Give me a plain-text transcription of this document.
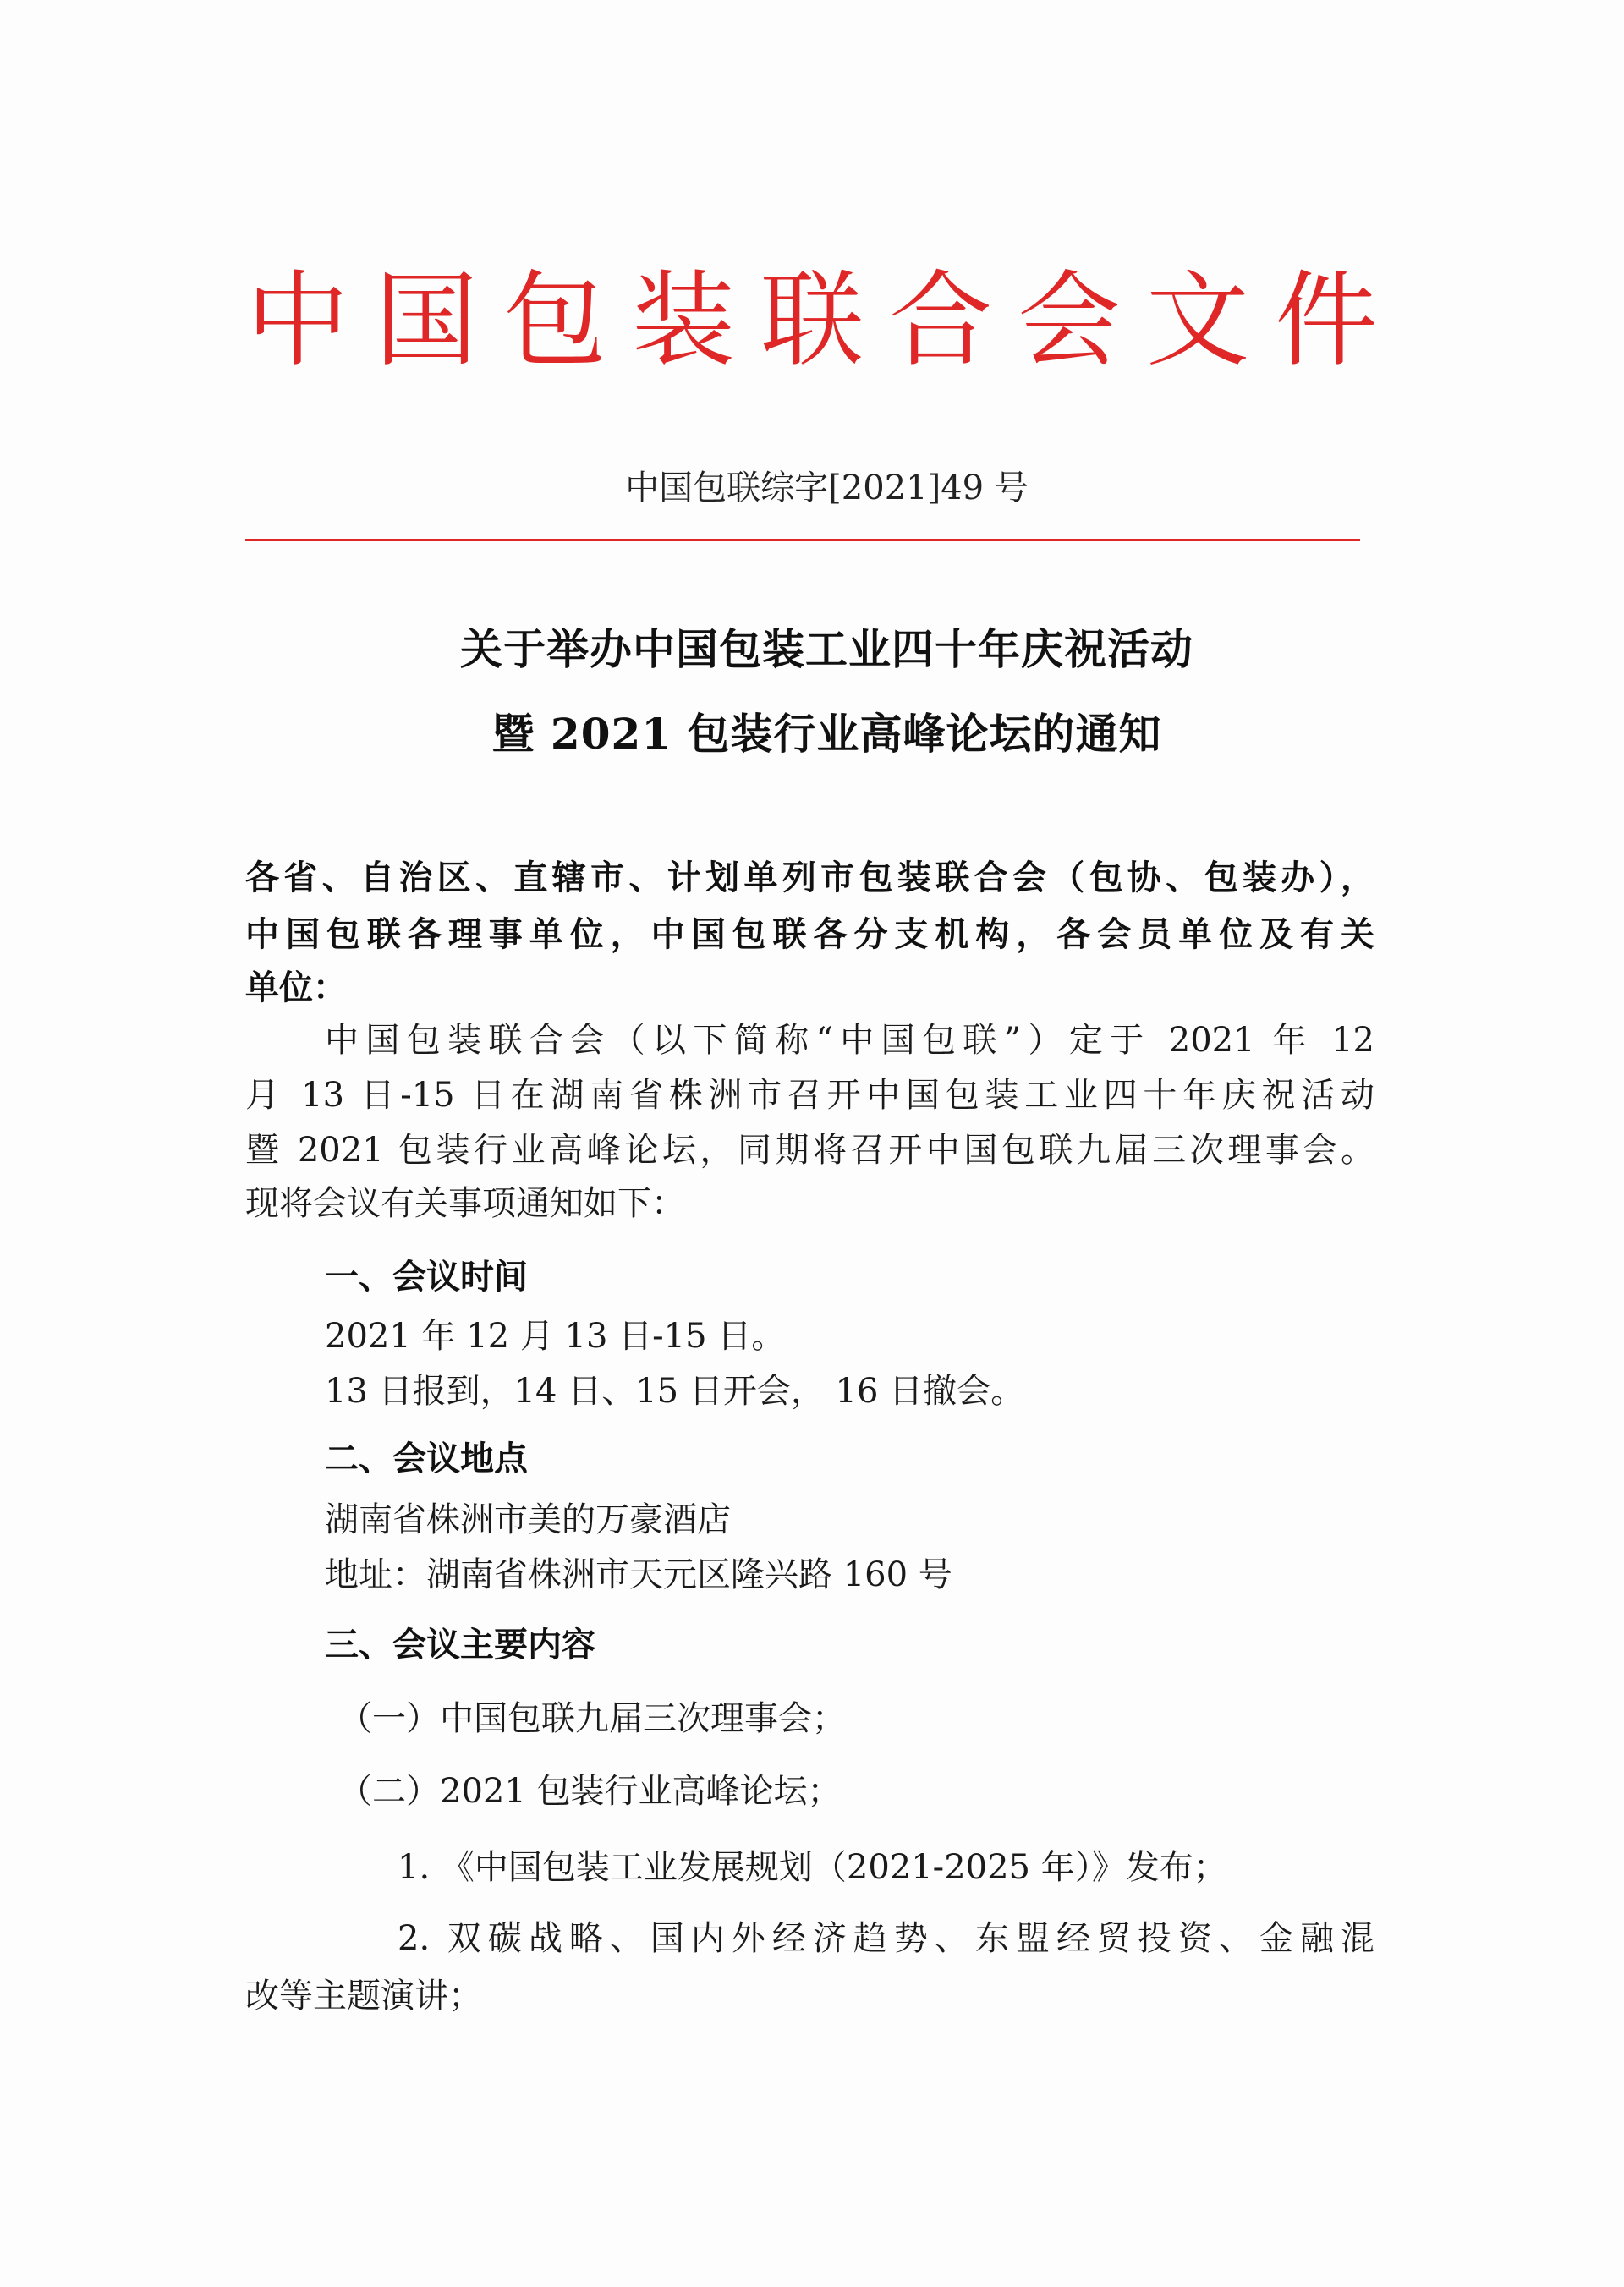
中国包装联合会文件
中国包联综字[2021]49 号
关于举办中国包装工业四十年庆祝活动
暨 2021 包装行业高峰论坛的通知
各省、自治区、直辖市、计划单列市包装联合会（包协、包装办），
中国包联各理事单位，中国包联各分支机构，各会员单位及有关
单位：
中国包装联合会（以下简称“中国包联”）定于 2021 年 12
月 13 日-15 日在湖南省株洲市召开中国包装工业四十年庆祝活动
暨 2021 包装行业高峰论坛，同期将召开中国包联九届三次理事会。
现将会议有关事项通知如下：
一、会议时间
2021 年 12 月 13 日-15 日。
13 日报到，14 日、15 日开会， 16 日撤会。
二、会议地点
湖南省株洲市美的万豪酒店
地址：湖南省株洲市天元区隆兴路 160 号
三、会议主要内容
（一）中国包联九届三次理事会；
（二）2021 包装行业高峰论坛；
1. 《中国包装工业发展规划（2021-2025 年）》发布；
2. 双碳战略、国内外经济趋势、东盟经贸投资、金融混
改等主题演讲；
